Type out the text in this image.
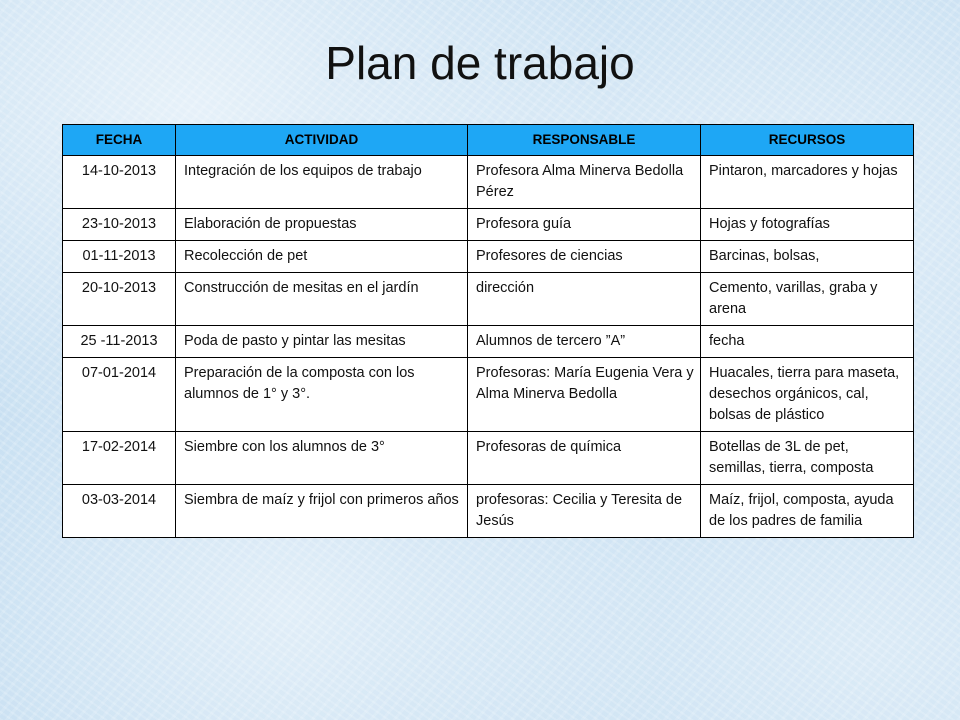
Plan de trabajo
FECHA	ACTIVIDAD	RESPONSABLE	RECURSOS
14-10-2013	Integración de los equipos de trabajo	Profesora Alma Minerva Bedolla Pérez	Pintaron, marcadores y hojas
23-10-2013	Elaboración de propuestas	Profesora guía	Hojas y fotografías
01-11-2013	Recolección de pet	Profesores de ciencias	Barcinas, bolsas,
20-10-2013	Construcción de mesitas en el jardín	dirección	Cemento, varillas, graba y arena
25 -11-2013	Poda de pasto y pintar las mesitas	Alumnos de tercero ”A”	fecha
07-01-2014	Preparación de la composta con los alumnos de 1° y 3°.	Profesoras: María Eugenia Vera y Alma Minerva Bedolla	Huacales, tierra para maseta, desechos orgánicos, cal, bolsas de plástico
17-02-2014	Siembre con los alumnos de 3°	Profesoras de química	Botellas de 3L de pet, semillas, tierra, composta
03-03-2014	Siembra de maíz y frijol con primeros años	profesoras: Cecilia y Teresita de Jesús	Maíz, frijol, composta, ayuda de los padres de familia
